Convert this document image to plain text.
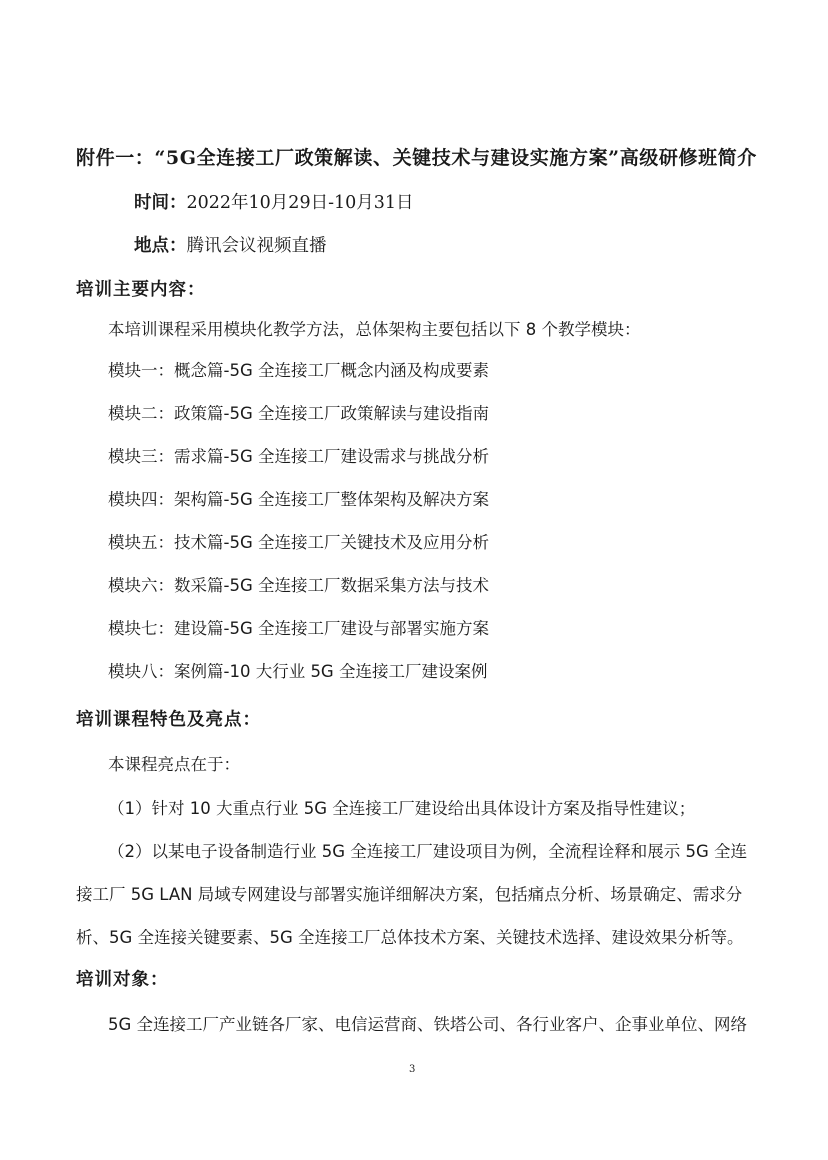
附件一：“5G全连接工厂政策解读、关键技术与建设实施方案”高级研修班简介
时间：2022年10月29日-10月31日
地点：腾讯会议视频直播
培训主要内容：
本培训课程采用模块化教学方法，总体架构主要包括以下 8 个教学模块：
模块一：概念篇-5G 全连接工厂概念内涵及构成要素
模块二：政策篇-5G 全连接工厂政策解读与建设指南
模块三：需求篇-5G 全连接工厂建设需求与挑战分析
模块四：架构篇-5G 全连接工厂整体架构及解决方案
模块五：技术篇-5G 全连接工厂关键技术及应用分析
模块六：数采篇-5G 全连接工厂数据采集方法与技术
模块七：建设篇-5G 全连接工厂建设与部署实施方案
模块八：案例篇-10 大行业 5G 全连接工厂建设案例
培训课程特色及亮点：
本课程亮点在于：
（1）针对 10 大重点行业 5G 全连接工厂建设给出具体设计方案及指导性建议；
（2）以某电子设备制造行业 5G 全连接工厂建设项目为例，全流程诠释和展示 5G 全连
接工厂 5G LAN 局域专网建设与部署实施详细解决方案，包括痛点分析、场景确定、需求分
析、5G 全连接关键要素、5G 全连接工厂总体技术方案、关键技术选择、建设效果分析等。
培训对象：
5G 全连接工厂产业链各厂家、电信运营商、铁塔公司、各行业客户、企事业单位、网络
3
